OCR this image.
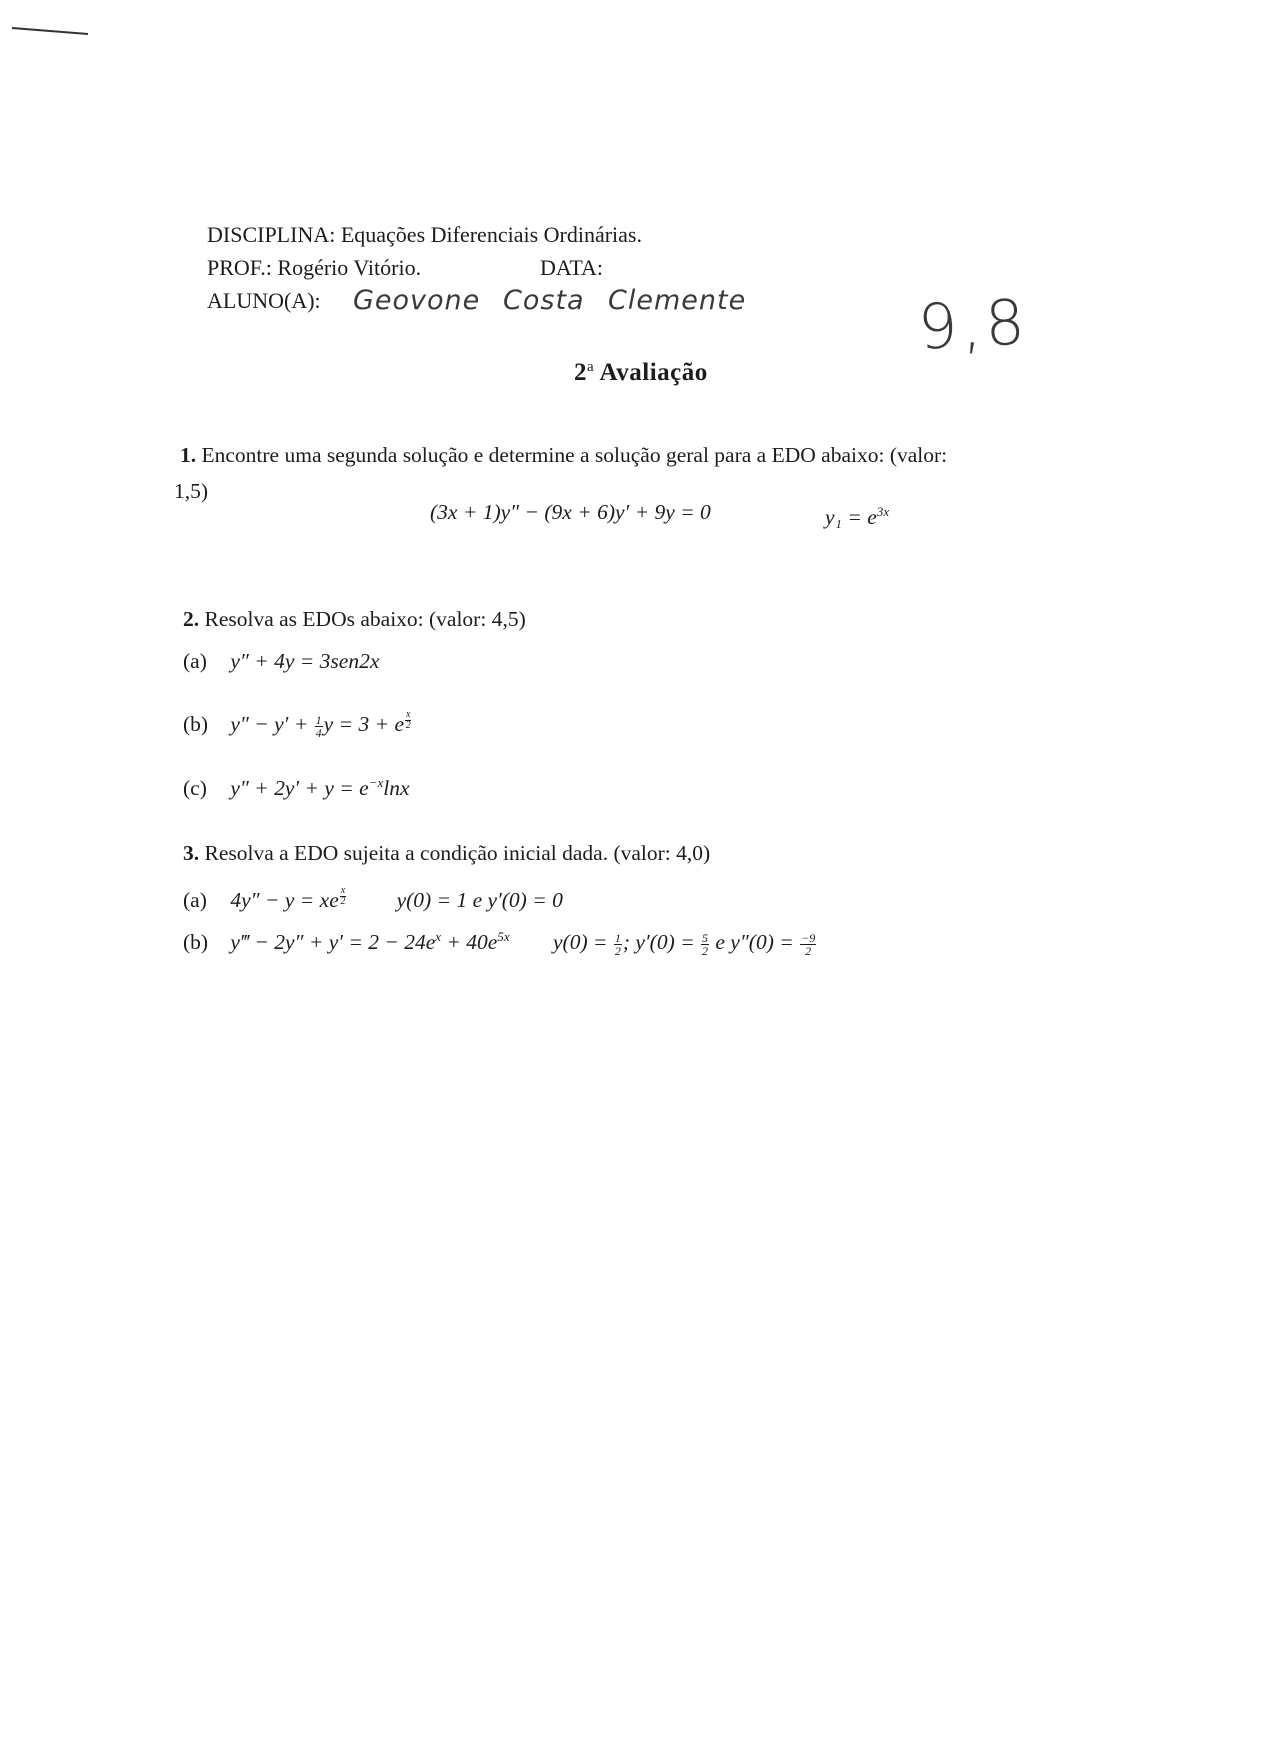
DISCIPLINA: Equações Diferenciais Ordinárias.
PROF.: Rogério Vitório.	DATA:
ALUNO(A): Geovone Costa Clemente	9,8
2$^a$ Avaliação
1. Encontre uma segunda solução e determine a solução geral para a EDO abaixo: (valor:
1,5)
(3x + 1)y″ − (9x + 6)y′ + 9y = 0	$y_1 = e^{3x}$
2. Resolva as EDOs abaixo: (valor: 4,5)
(a) y″ + 4y = 3sen2x
(b) $y'' - y' + \frac{1}{4}$ y = 3 + e $^{\frac{x}{2}}$
(c) $y'' + 2y' + y = e^{-x}\ln x$
3. Resolva a EDO sujeita a condição inicial dada. (valor: 4,0)
(a) 4y″ − y = xe $^{\frac{x}{2}}$ y(0) = 1 e y′(0) = 0
(b) y‴ − $2y'' + y' = 2 - 24e^x + 40e^{5x}$ $y(0) = \frac{1}{2}$ ; $y'(0) = \frac{5}{2}$ e $y''(0) = \frac{-9}{2}$
